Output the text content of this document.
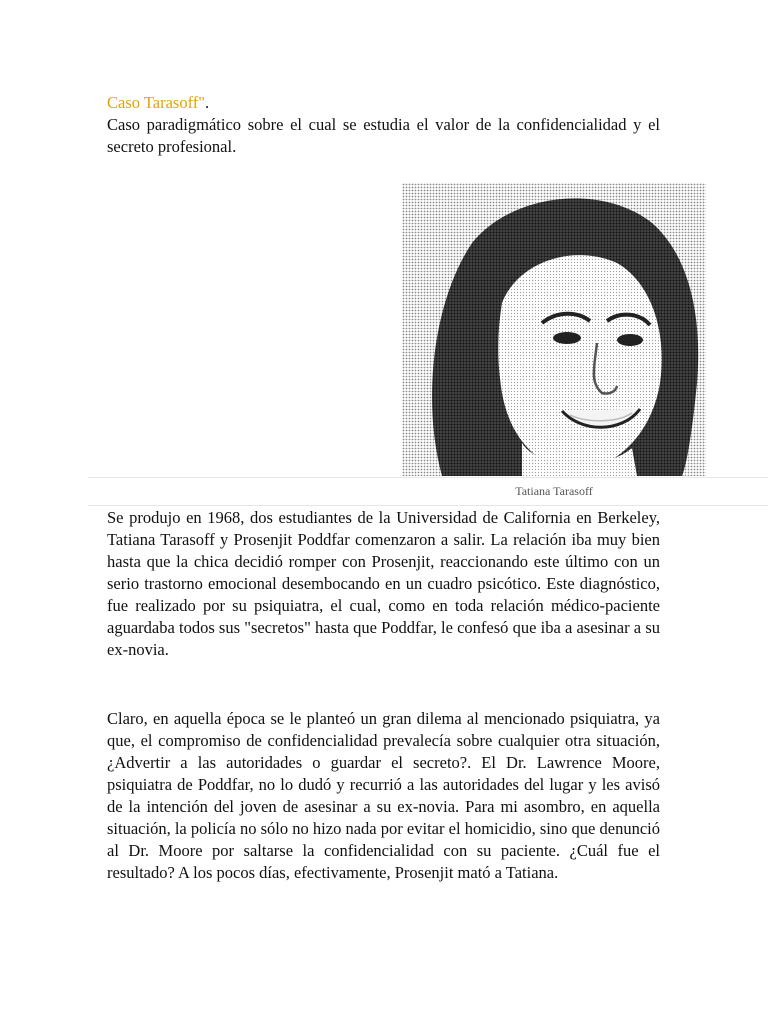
Caso Tarasoff".

Caso paradigmático sobre el cual se estudia el valor de la confidencialidad y el secreto profesional.

Tatiana Tarasoff

Se produjo en 1968, dos estudiantes de la Universidad de California en Berkeley, Tatiana Tarasoff y Prosenjit Poddfar comenzaron a salir. La relación iba muy bien hasta que la chica decidió romper con Prosenjit, reaccionando este último con un serio trastorno emocional desembocando en un cuadro psicótico. Este diagnóstico, fue realizado por su psiquiatra, el cual, como en toda relación médico-paciente aguardaba todos sus "secretos" hasta que Poddfar, le confesó que iba a asesinar a su ex-novia.

Claro, en aquella época se le planteó un gran dilema al mencionado psiquiatra, ya que, el compromiso de confidencialidad prevalecía sobre cualquier otra situación, ¿Advertir a las autoridades o guardar el secreto?. El Dr. Lawrence Moore, psiquiatra de Poddfar, no lo dudó y recurrió a las autoridades del lugar y les avisó de la intención del joven de asesinar a su ex-novia. Para mi asombro, en aquella situación, la policía no sólo no hizo nada por evitar el homicidio, sino que denunció al Dr. Moore por saltarse la confidencialidad con su paciente. ¿Cuál fue el resultado? A los pocos días, efectivamente, Prosenjit mató a Tatiana.
